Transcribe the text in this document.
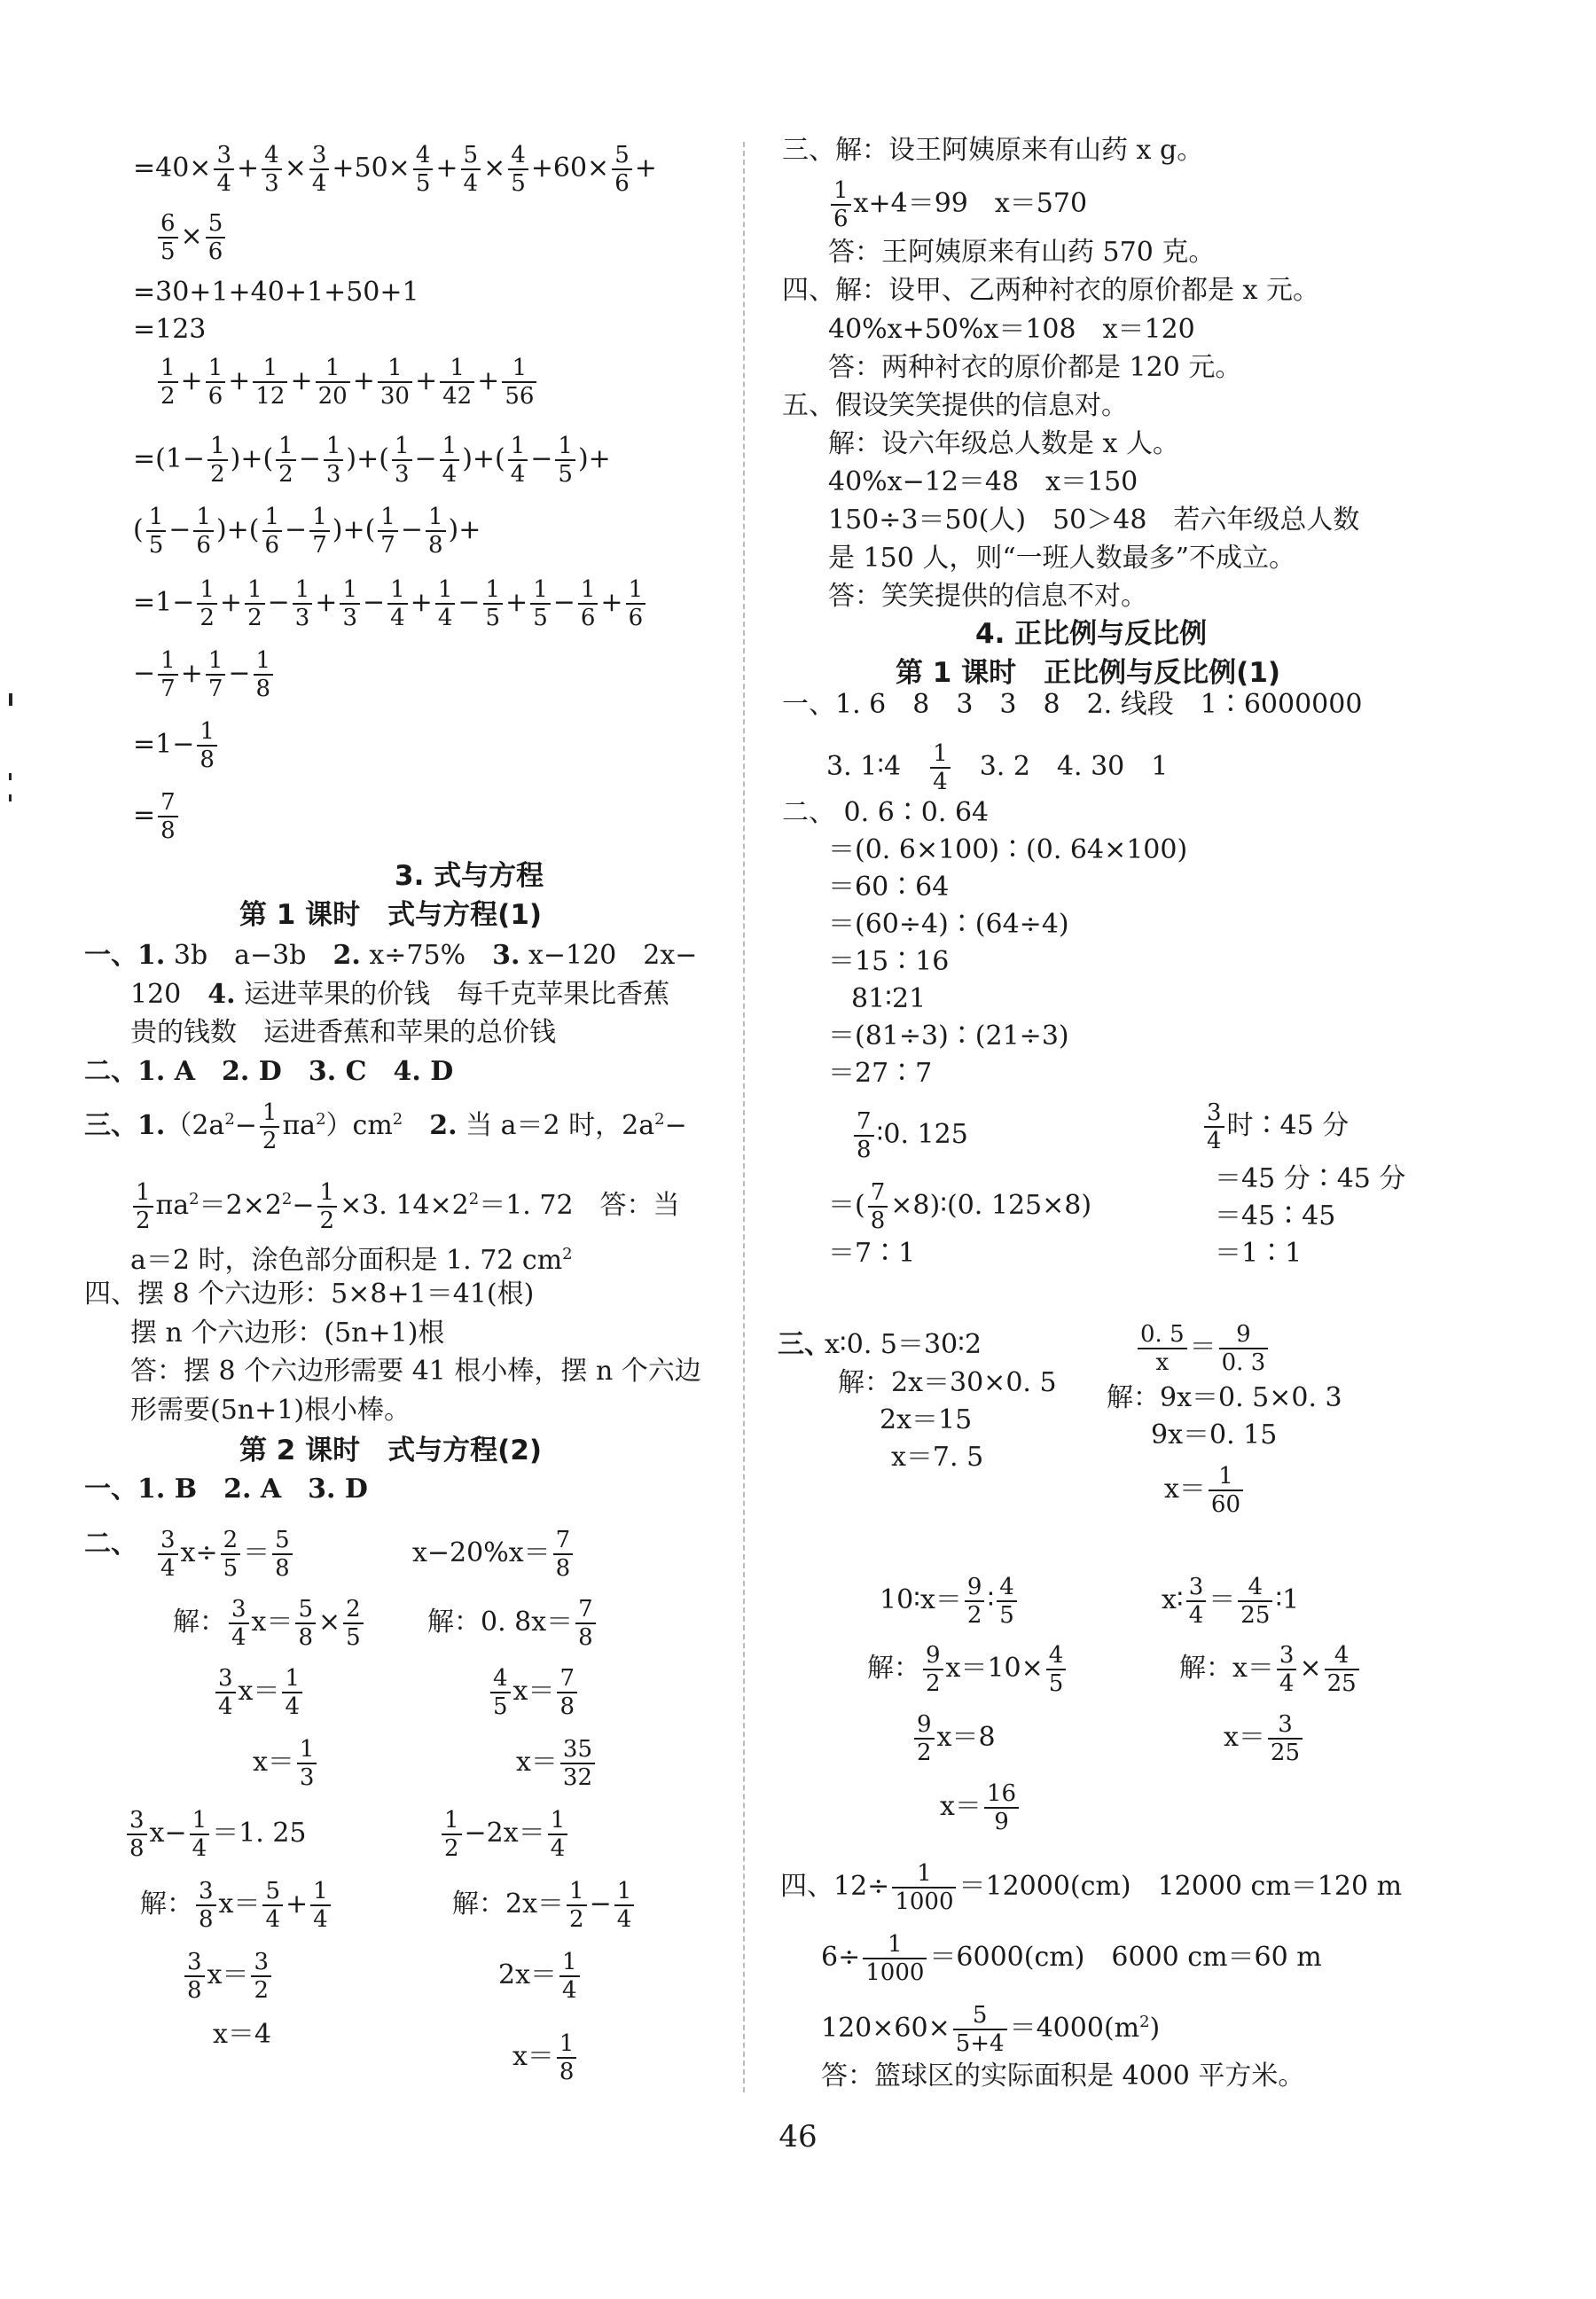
$=40\times \frac{3}{4} + \frac{4}{3} \times \frac{3}{4} +50\times \frac{4}{5} + \frac{5}{4} \times \frac{4}{5} +60\times \frac{5}{6}$ +
$\frac{6}{5} \times \frac{5}{6}$
=30+1+40+1+50+1
=123
$\frac{1}{2} + \frac{1}{6} + \frac{1}{12} + \frac{1}{20} + \frac{1}{30} + \frac{1}{42} + \frac{1}{56}$
$=(1- \frac{1}{2}$ )+( $\frac{1}{2} - \frac{1}{3}$ )+( $\frac{1}{3} - \frac{1}{4}$ )+( $\frac{1}{4} - \frac{1}{5}$ )+
( $\frac{1}{5} - \frac{1}{6}$ )+( $\frac{1}{6} - \frac{1}{7}$ )+( $\frac{1}{7} - \frac{1}{8}$ )+
$=1- \frac{1}{2} + \frac{1}{2} - \frac{1}{3} + \frac{1}{3} - \frac{1}{4} + \frac{1}{4} - \frac{1}{5} + \frac{1}{5} - \frac{1}{6} + \frac{1}{6}$
− $\frac{1}{7} + \frac{1}{7} - \frac{1}{8}$
$=1- \frac{1}{8}$
= $\frac{7}{8}$
3. 式与方程
第 1 课时　式与方程(1)
一、1. 3b　a−3b　2. x÷75%　3. x−120　2x−
120　4. 运进苹果的价钱　每千克苹果比香蕉
贵的钱数　运进香蕉和苹果的总价钱
二、1. A　2. D　3. C　4. D
三、$1.(2a^2- \frac{1}{2} \pi a^2)cm^2$　2. 当 a＝2 时，$2a^2-$
$\frac{1}{2} \pi a^2=2\times 2^2- \frac{1}{2} \times 3$. $14\times 2^2=1$. 72　答：当
a＝2 时，涂色部分面积是 1. 72 $cm^2$
四、摆 8 个六边形：5×8+1＝41(根)
摆 n 个六边形：(5n+1)根
答：摆 8 个六边形需要 41 根小棒，摆 n 个六边
形需要(5n+1)根小棒。
第 2 课时　式与方程(2)
一、1. B　2. A　3. D
二、 $\frac{3}{4} x\div \frac{2}{5} = \frac{5}{8}$	$x-20\%x= \frac{7}{8}$
解： $\frac{3}{4} x= \frac{5}{8} \times \frac{2}{5}$ 解：0. $8x= \frac{7}{8}$
$\frac{3}{4} x= \frac{1}{4}$	$\frac{4}{5} x= \frac{7}{8}$
$x= \frac{1}{3}$	$x= \frac{35}{32}$
$\frac{3}{8} x- \frac{1}{4} =1$. 25	$\frac{1}{2} -2x= \frac{1}{4}$
解： $\frac{3}{8} x= \frac{5}{4} + \frac{1}{4}$	解：$2x= \frac{1}{2} - \frac{1}{4}$
$\frac{3}{8} x= \frac{3}{2}$	$2x= \frac{1}{4}$
x＝4
$x= \frac{1}{8}$
三、解：设王阿姨原来有山药 x g。
$\frac{1}{6} x+4=99$　x＝570
答：王阿姨原来有山药 570 克。
四、解：设甲、乙两种衬衣的原价都是 x 元。
40%x+50%x＝108　x＝120
答：两种衬衣的原价都是 120 元。
五、假设笑笑提供的信息对。
解：设六年级总人数是 x 人。
40%x−12＝48　x＝150
150÷3＝50(人)　50＞48　若六年级总人数
是 150 人，则“一班人数最多”不成立。
答：笑笑提供的信息不对。
4. 正比例与反比例
第 1 课时　正比例与反比例(1)
一、1. 6　8　3　3　8　2. 线段　1∶6000000
3. 1∶4　 $\frac{1}{4}$
　 3. 2　4. 30　1
二、 0. 6∶0. 64
＝(0. 6×100)∶(0. 64×100)
＝60∶64
＝(60÷4)∶(64÷4)
＝15∶16
81∶21
＝(81÷3)∶(21÷3)
＝27∶7
$\frac{7}{8}$ ∶0. 125	$\frac{3}{4}$ 时∶45 分
＝( $\frac{7}{8}$ ×8)∶(0. 125×8)
＝45 分∶45 分
＝45∶45
＝7∶1	＝1∶1
三、
x∶0. 5＝30∶2
解：2x＝30×0. 5
2x＝15
x＝7. 5
$\frac{0. 5}{x} = \frac{9}{0. 3}$
解：9x＝0. 5×0. 3
9x＝0. 15
$x= \frac{1}{60}$
10∶x＝ $\frac{9}{2}$ ∶ $\frac{4}{5}$	x∶ $\frac{3}{4} = \frac{4}{25}$ ∶1
解： $\frac{9}{2} x=10\times \frac{4}{5}$	解：$x= \frac{3}{4} \times \frac{4}{25}$
$\frac{9}{2} x=8$	$x= \frac{3}{25}$
$x= \frac{16}{9}$
四、$12\div \frac{1}{1000} =12000(cm)$　12000 cm＝120 m
$6\div \frac{1}{1000} =6000(cm)$　6000 cm＝60 m
$120\times 60\times \frac{5}{5+4} =4000(m^2)$
答：篮球区的实际面积是 4000 平方米。
46
